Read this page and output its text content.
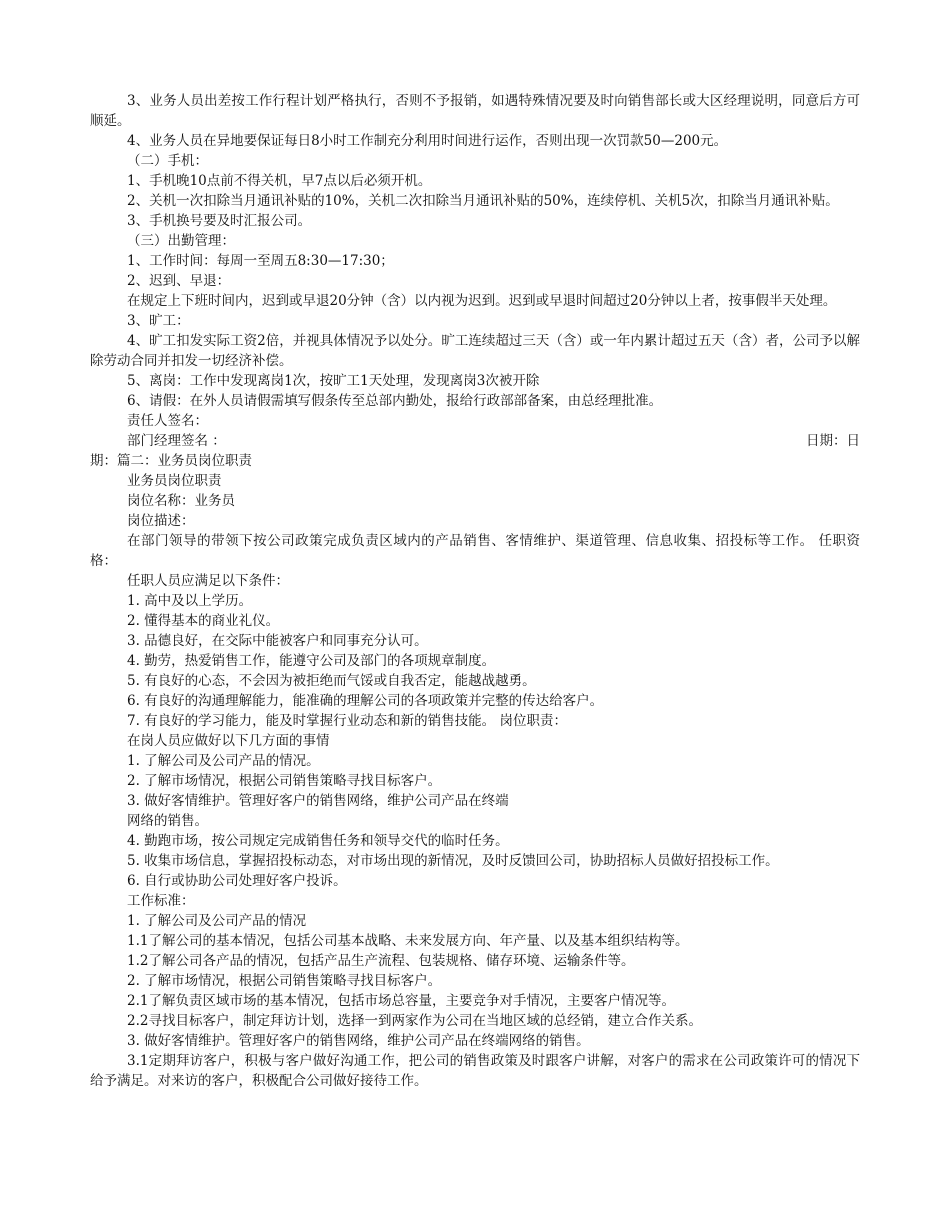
3、业务人员出差按工作行程计划严格执行，否则不予报销，如遇特殊情况要及时向销售部长或大区经理说明，同意后方可顺延。

4、业务人员在异地要保证每日8小时工作制充分利用时间进行运作，否则出现一次罚款50—200元。

（二）手机：

1、手机晚10点前不得关机，早7点以后必须开机。

2、关机一次扣除当月通讯补贴的10%，关机二次扣除当月通讯补贴的50%，连续停机、关机5次，扣除当月通讯补贴。

3、手机换号要及时汇报公司。

（三）出勤管理：

1、工作时间：每周一至周五8:30—17:30；

2、迟到、早退：

在规定上下班时间内，迟到或早退20分钟（含）以内视为迟到。迟到或早退时间超过20分钟以上者，按事假半天处理。

3、旷工：

4、旷工扣发实际工资2倍，并视具体情况予以处分。旷工连续超过三天（含）或一年内累计超过五天（含）者，公司予以解除劳动合同并扣发一切经济补偿。

5、离岗：工作中发现离岗1次，按旷工1天处理，发现离岗3次被开除

6、请假：在外人员请假需填写假条传至总部内勤处，报给行政部部备案，由总经理批准。

责任人签名：

部门经理签名 ：	日期：日

期：篇二：业务员岗位职责

业务员岗位职责

岗位名称：业务员

岗位描述：

在部门领导的带领下按公司政策完成负责区域内的产品销售、客情维护、渠道管理、信息收集、招投标等工作。 任职资格：

任职人员应满足以下条件：

1. 高中及以上学历。

2. 懂得基本的商业礼仪。

3. 品德良好，在交际中能被客户和同事充分认可。

4. 勤劳，热爱销售工作，能遵守公司及部门的各项规章制度。

5. 有良好的心态，不会因为被拒绝而气馁或自我否定，能越战越勇。

6. 有良好的沟通理解能力，能准确的理解公司的各项政策并完整的传达给客户。

7. 有良好的学习能力，能及时掌握行业动态和新的销售技能。 岗位职责：

在岗人员应做好以下几方面的事情

1. 了解公司及公司产品的情况。

2. 了解市场情况，根据公司销售策略寻找目标客户。

3. 做好客情维护。管理好客户的销售网络，维护公司产品在终端

网络的销售。

4. 勤跑市场，按公司规定完成销售任务和领导交代的临时任务。

5. 收集市场信息，掌握招投标动态，对市场出现的新情况，及时反馈回公司，协助招标人员做好招投标工作。

6. 自行或协助公司处理好客户投诉。

工作标准：

1. 了解公司及公司产品的情况

1.1了解公司的基本情况，包括公司基本战略、未来发展方向、年产量、以及基本组织结构等。

1.2了解公司各产品的情况，包括产品生产流程、包装规格、储存环境、运输条件等。

2. 了解市场情况，根据公司销售策略寻找目标客户。

2.1了解负责区域市场的基本情况，包括市场总容量，主要竞争对手情况，主要客户情况等。

2.2寻找目标客户，制定拜访计划，选择一到两家作为公司在当地区域的总经销，建立合作关系。

3. 做好客情维护。管理好客户的销售网络，维护公司产品在终端网络的销售。

3.1定期拜访客户，积极与客户做好沟通工作，把公司的销售政策及时跟客户讲解，对客户的需求在公司政策许可的情况下给予满足。对来访的客户，积极配合公司做好接待工作。
